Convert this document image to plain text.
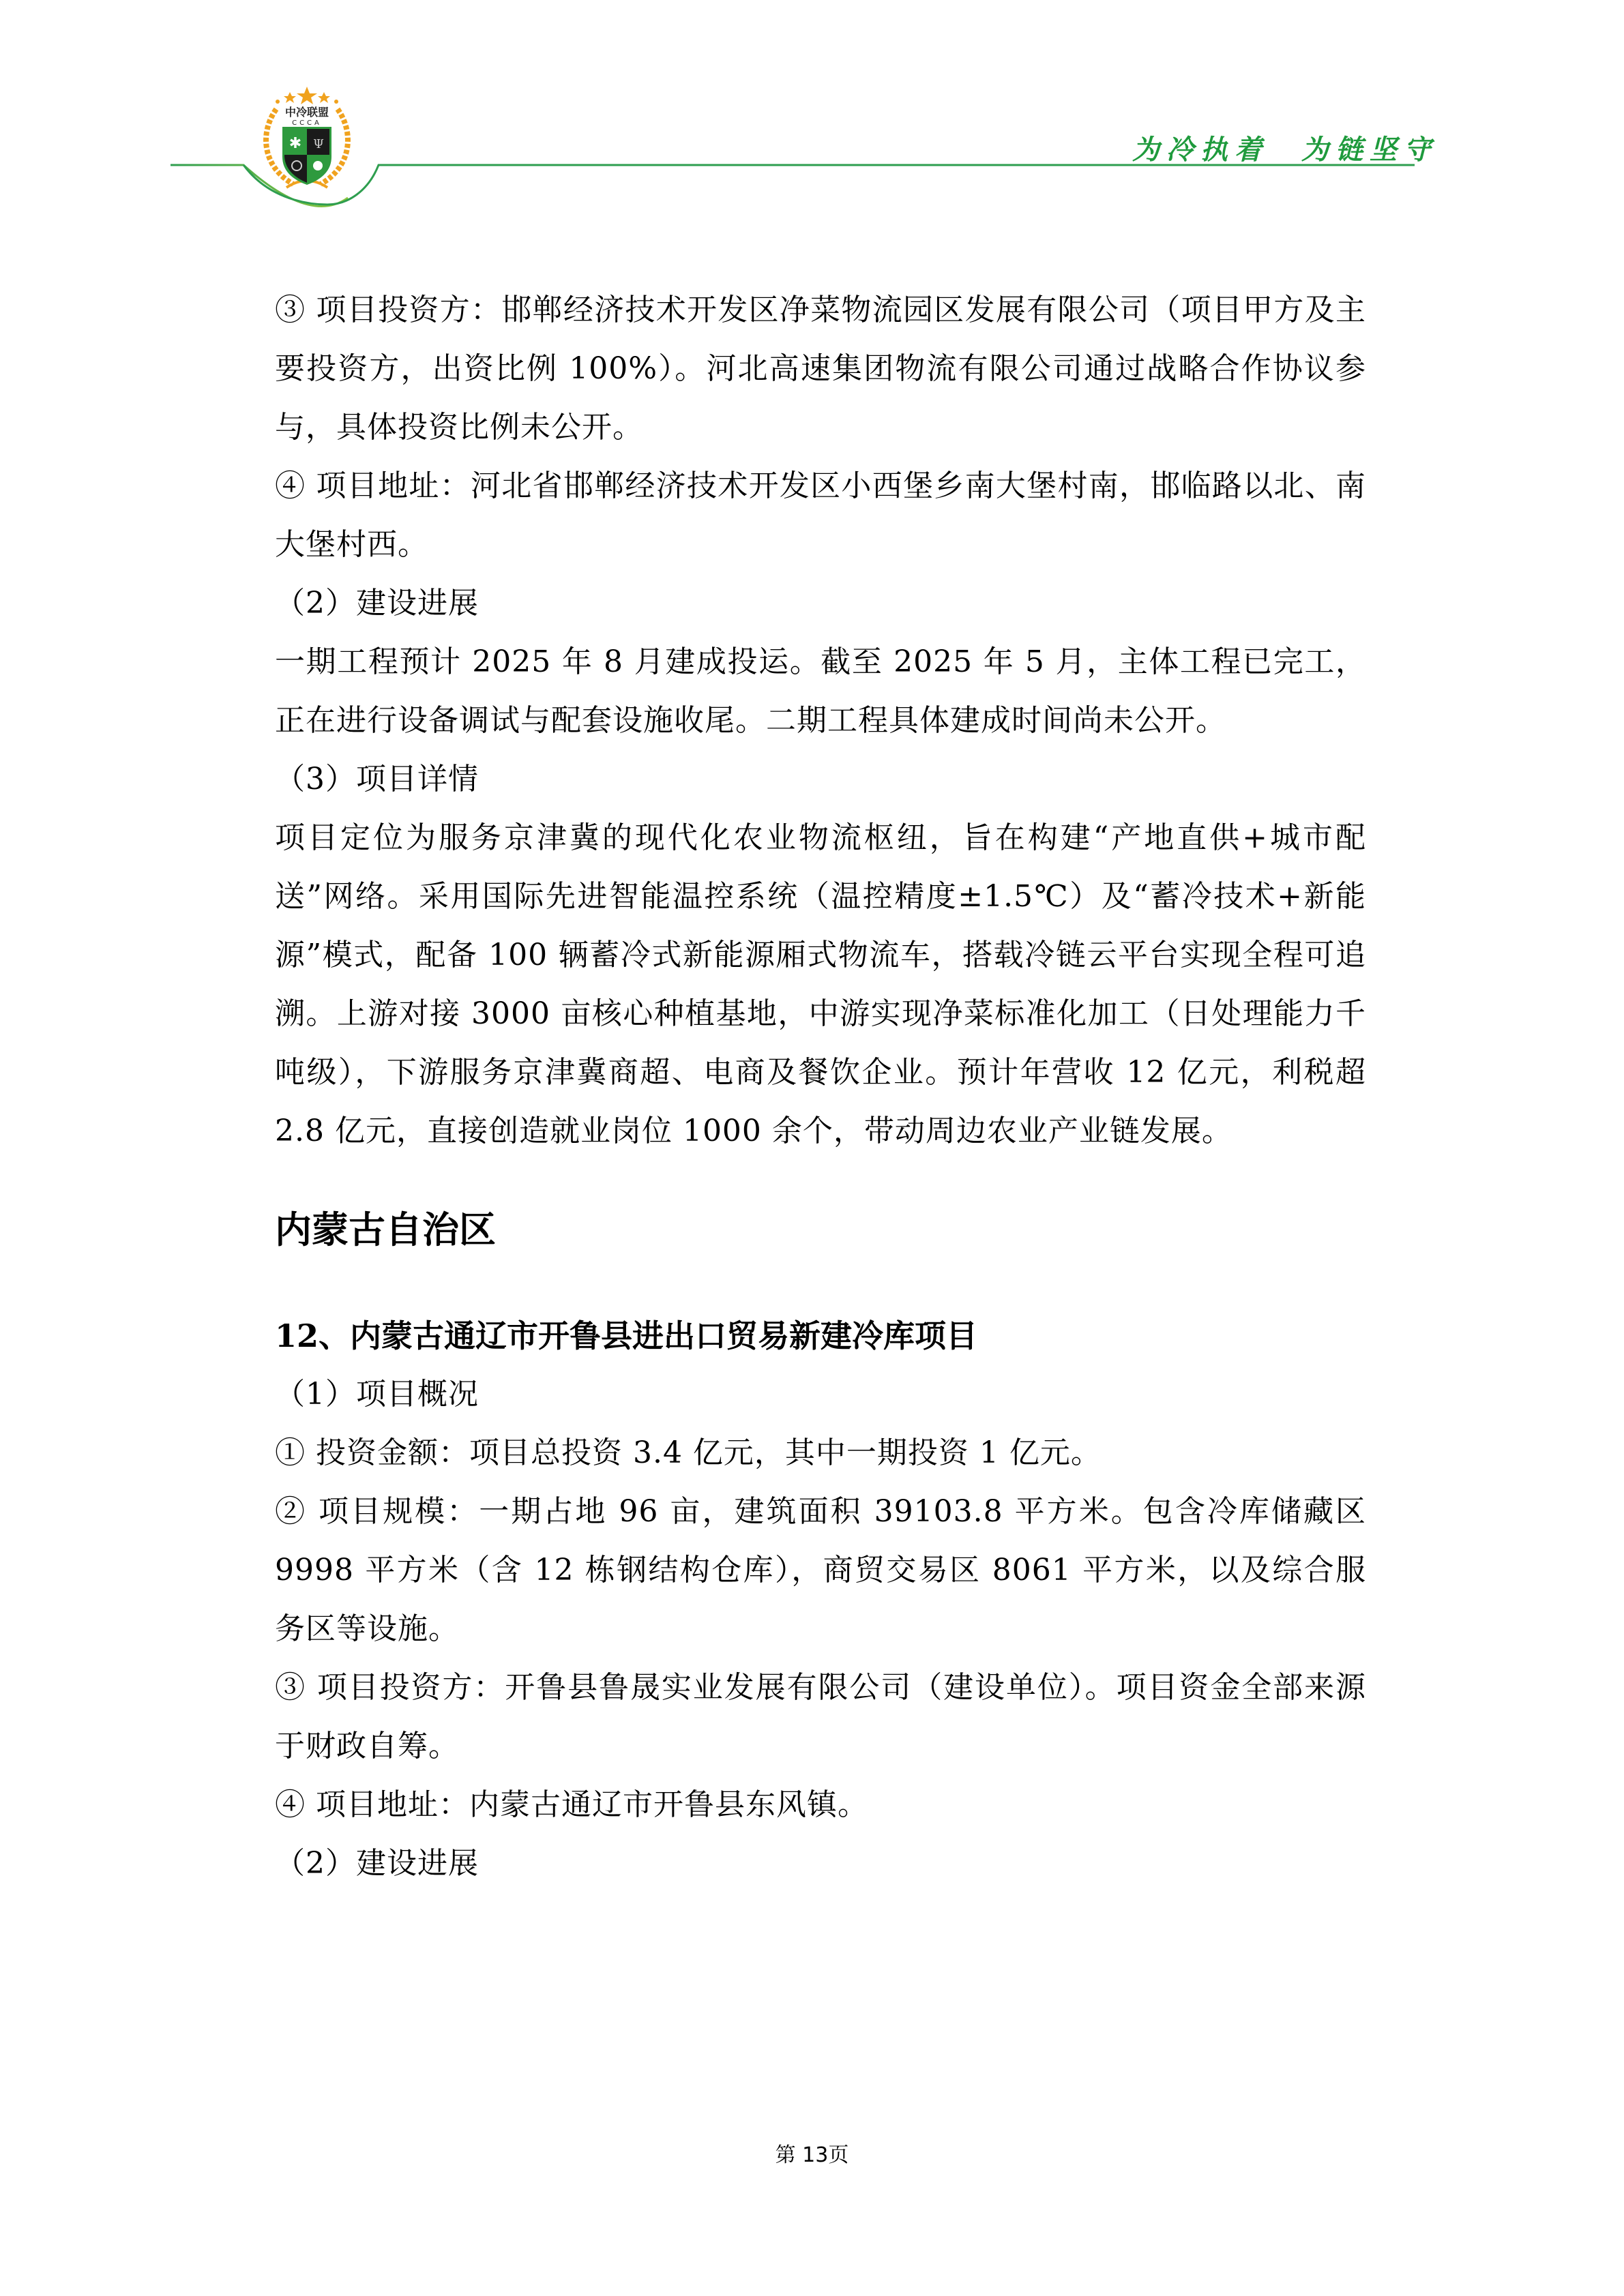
中冷联盟
CCCA
✱ Ψ	为冷执着  为链坚守

③ 项目投资方：邯郸经济技术开发区净菜物流园区发展有限公司（项目甲方及主要投资方，出资比例 100%）。河北高速集团物流有限公司通过战略合作协议参与，具体投资比例未公开。

④ 项目地址：河北省邯郸经济技术开发区小西堡乡南大堡村南，邯临路以北、南大堡村西。

（2）建设进展

一期工程预计 2025 年 8 月建成投运。截至 2025 年 5 月，主体工程已完工，正在进行设备调试与配套设施收尾。二期工程具体建成时间尚未公开。

（3）项目详情

项目定位为服务京津冀的现代化农业物流枢纽，旨在构建“产地直供+城市配送”网络。采用国际先进智能温控系统（温控精度±1.5℃）及“蓄冷技术+新能源”模式，配备 100 辆蓄冷式新能源厢式物流车，搭载冷链云平台实现全程可追溯。上游对接 3000 亩核心种植基地，中游实现净菜标准化加工（日处理能力千吨级），下游服务京津冀商超、电商及餐饮企业。预计年营收 12 亿元，利税超 2.8 亿元，直接创造就业岗位 1000 余个，带动周边农业产业链发展。

内蒙古自治区

12、内蒙古通辽市开鲁县进出口贸易新建冷库项目

（1）项目概况

① 投资金额：项目总投资 3.4 亿元，其中一期投资 1 亿元。

② 项目规模：一期占地 96 亩，建筑面积 39103.8 平方米。包含冷库储藏区 9998 平方米（含 12 栋钢结构仓库），商贸交易区 8061 平方米，以及综合服务区等设施。

③ 项目投资方：开鲁县鲁晟实业发展有限公司（建设单位）。项目资金全部来源于财政自筹。

④ 项目地址：内蒙古通辽市开鲁县东风镇。

（2）建设进展

第 13页
